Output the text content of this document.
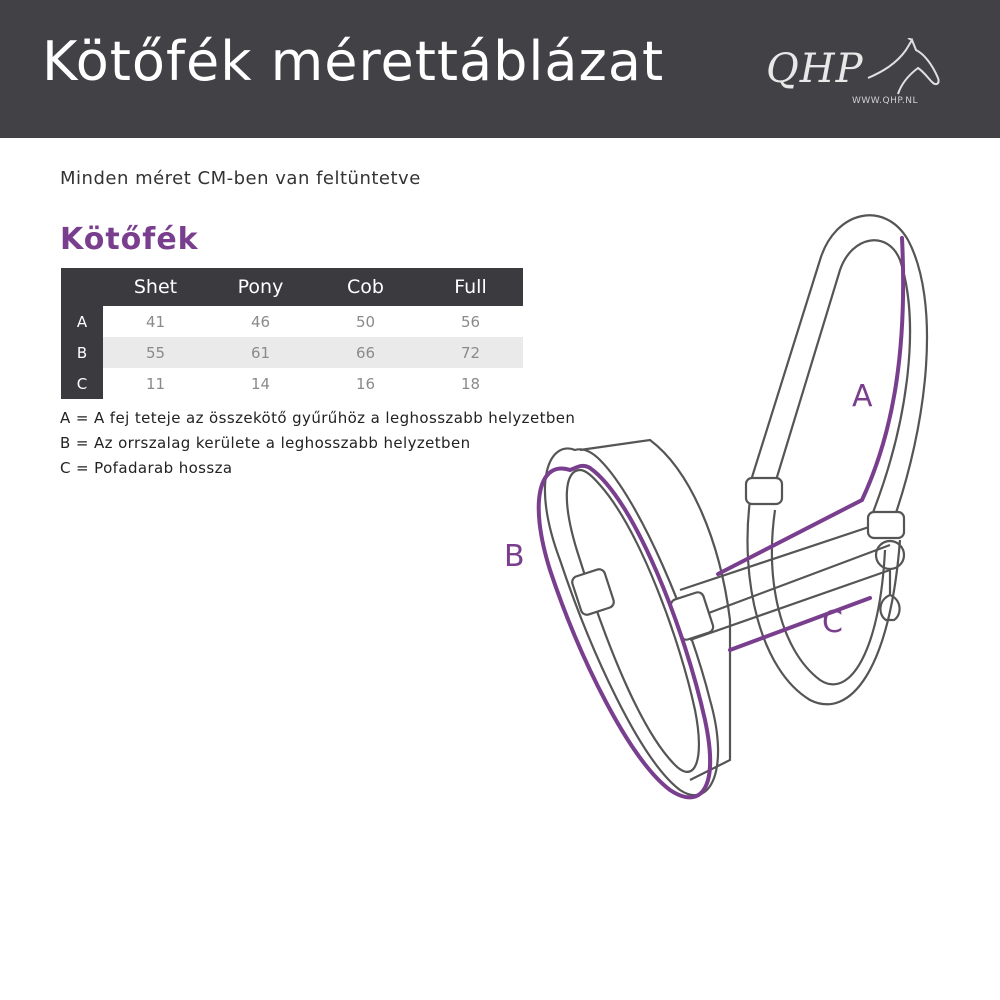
Kötőfék mérettáblázat	QHP
WWW.QHP.NL
Minden méret CM-ben van feltüntetve
Kötőfék
	Shet	Pony	Cob	Full
A	41	46	50	56
B	55	61	66	72
C	11	14	16	18
A = A fej teteje az összekötő gyűrűhöz a leghosszabb helyzetben
B = Az orrszalag kerülete a leghosszabb helyzetben
C = Pofadarab hossza
A
B
C
